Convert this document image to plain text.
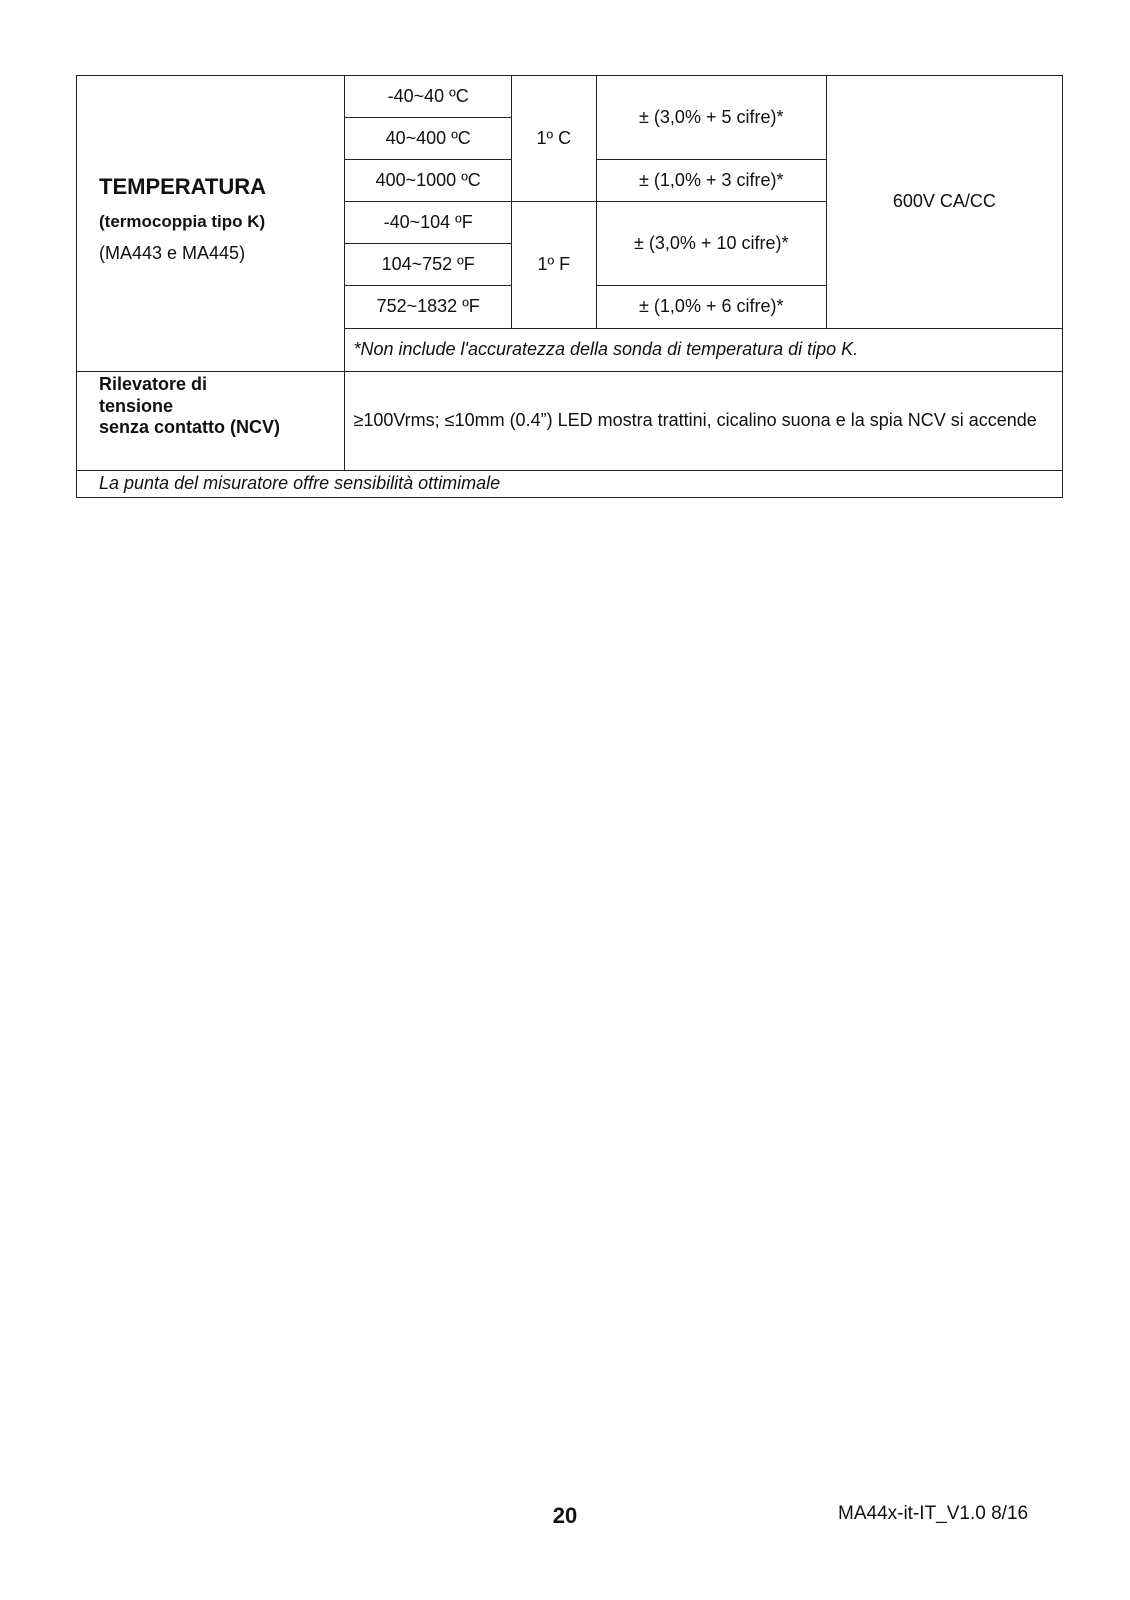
TEMPERATURA
(termocoppia tipo K)
(MA443 e MA445)	-40~40 ºC	1º C	± (3,0% + 5 cifre)*	600V CA/CC
	40~400 ºC			
	400~1000 ºC		± (1,0% + 3 cifre)*	
	-40~104 ºF	1º F	± (3,0% + 10 cifre)*	
	104~752 ºF			
	752~1832 ºF		± (1,0% + 6 cifre)*	
	*Non include l'accuratezza della sonda di temperatura di tipo K.			

Rilevatore di
tensione
senza contatto (NCV)	≥100Vrms; ≤10mm (0.4”) LED mostra trattini, cicalino suona e la spia NCV si accende			
La punta del misuratore offre sensibilità ottimimale				
20	MA44x-it-IT_V1.0 8/16
